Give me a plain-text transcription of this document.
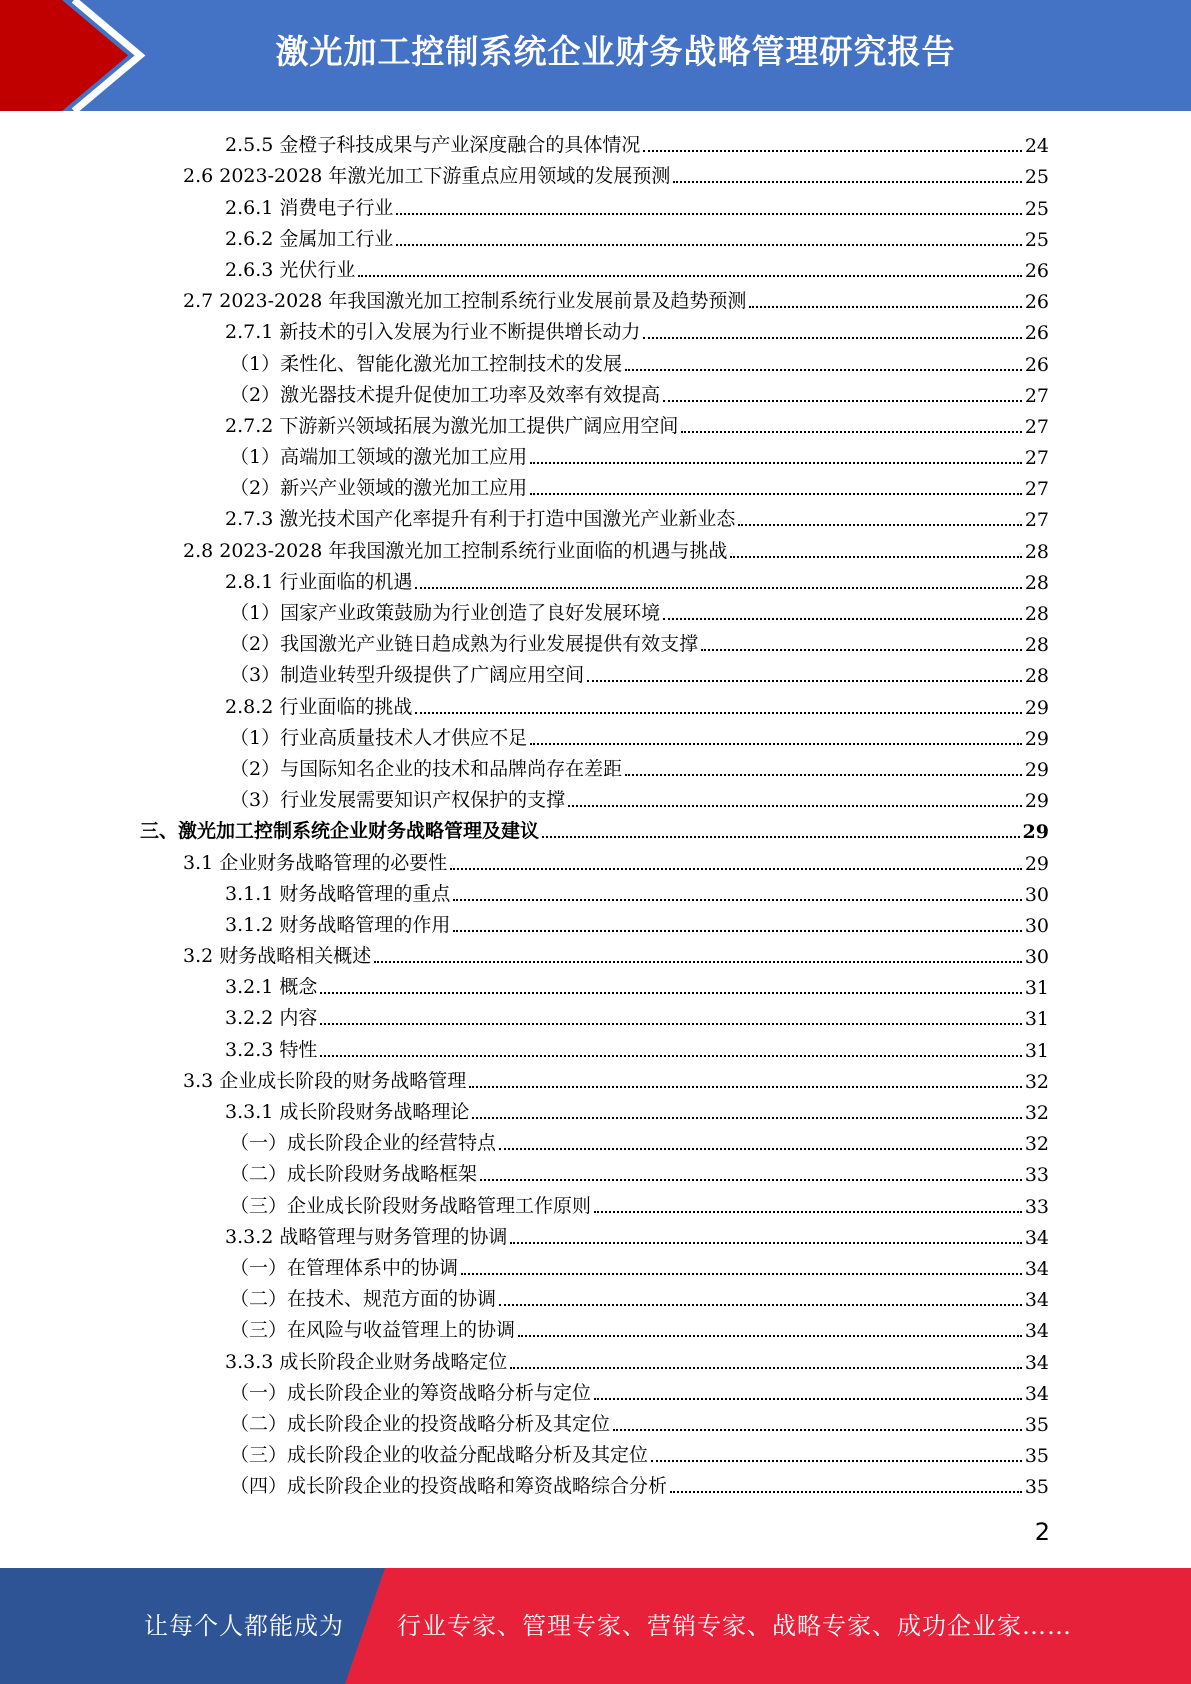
激光加工控制系统企业财务战略管理研究报告
2.5.5 金橙子科技成果与产业深度融合的具体情况	24
2.6 2023-2028 年激光加工下游重点应用领域的发展预测	25
2.6.1 消费电子行业	25
2.6.2 金属加工行业	25
2.6.3 光伏行业	26
2.7 2023-2028 年我国激光加工控制系统行业发展前景及趋势预测	26
2.7.1 新技术的引入发展为行业不断提供增长动力	26
（1）柔性化、智能化激光加工控制技术的发展	26
（2）激光器技术提升促使加工功率及效率有效提高	27
2.7.2 下游新兴领域拓展为激光加工提供广阔应用空间	27
（1）高端加工领域的激光加工应用	27
（2）新兴产业领域的激光加工应用	27
2.7.3 激光技术国产化率提升有利于打造中国激光产业新业态	27
2.8 2023-2028 年我国激光加工控制系统行业面临的机遇与挑战	28
2.8.1 行业面临的机遇	28
（1）国家产业政策鼓励为行业创造了良好发展环境	28
（2）我国激光产业链日趋成熟为行业发展提供有效支撑	28
（3）制造业转型升级提供了广阔应用空间	28
2.8.2 行业面临的挑战	29
（1）行业高质量技术人才供应不足	29
（2）与国际知名企业的技术和品牌尚存在差距	29
（3）行业发展需要知识产权保护的支撑	29
三、激光加工控制系统企业财务战略管理及建议	29
3.1 企业财务战略管理的必要性	29
3.1.1 财务战略管理的重点	30
3.1.2 财务战略管理的作用	30
3.2 财务战略相关概述	30
3.2.1 概念	31
3.2.2 内容	31
3.2.3 特性	31
3.3 企业成长阶段的财务战略管理	32
3.3.1 成长阶段财务战略理论	32
（一）成长阶段企业的经营特点	32
（二）成长阶段财务战略框架	33
（三）企业成长阶段财务战略管理工作原则	33
3.3.2 战略管理与财务管理的协调	34
（一）在管理体系中的协调	34
（二）在技术、规范方面的协调	34
（三）在风险与收益管理上的协调	34
3.3.3 成长阶段企业财务战略定位	34
（一）成长阶段企业的筹资战略分析与定位	34
（二）成长阶段企业的投资战略分析及其定位	35
（三）成长阶段企业的收益分配战略分析及其定位	35
（四）成长阶段企业的投资战略和筹资战略综合分析	35
2
让每个人都能成为 行业专家、管理专家、营销专家、战略专家、成功企业家……
